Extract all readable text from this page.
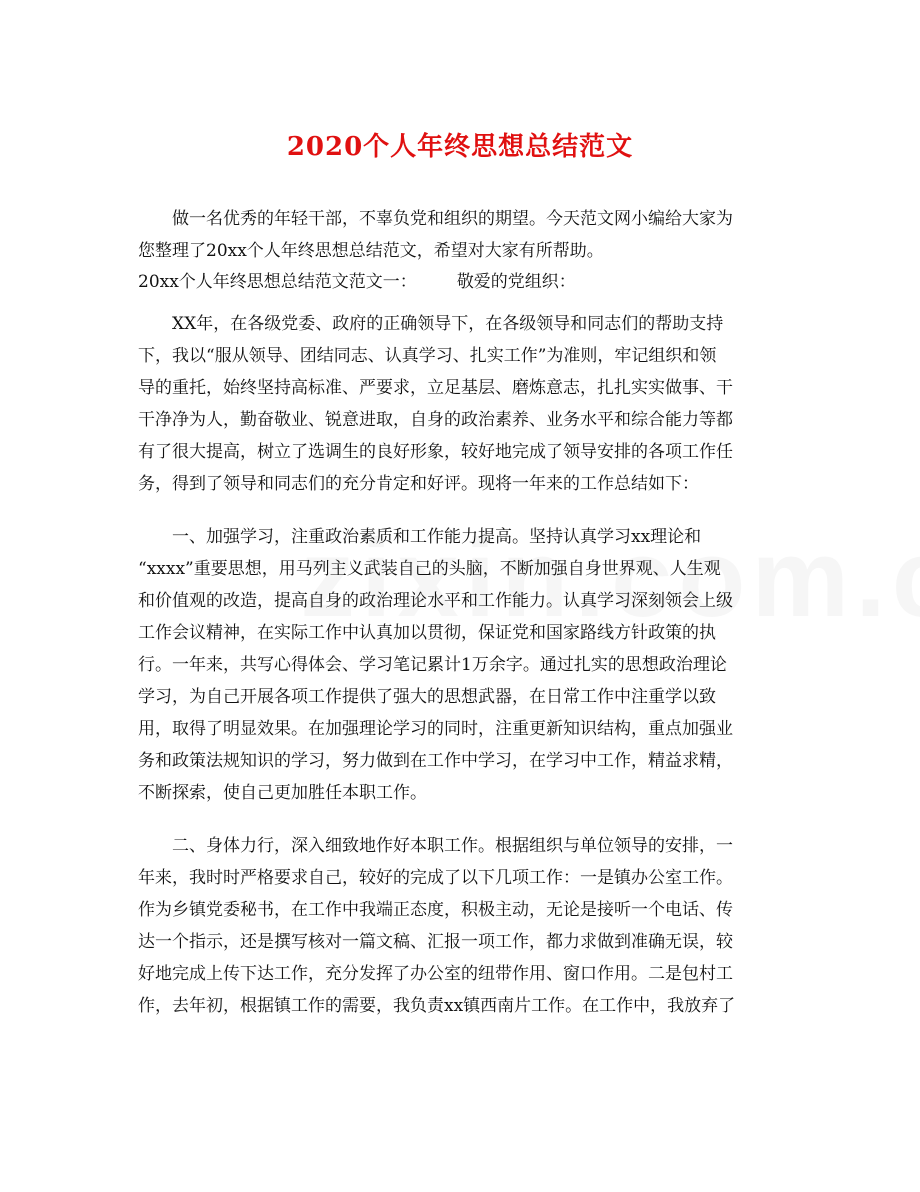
2020个人年终思想总结范文
做一名优秀的年轻干部，不辜负党和组织的期望。今天范文网小编给大家为
您整理了20xx个人年终思想总结范文，希望对大家有所帮助。
20xx个人年终思想总结范文范文一： 敬爱的党组织：
XX年，在各级党委、政府的正确领导下，在各级领导和同志们的帮助支持
下，我以“服从领导、团结同志、认真学习、扎实工作”为准则，牢记组织和领
导的重托，始终坚持高标准、严要求，立足基层、磨炼意志，扎扎实实做事、干
干净净为人，勤奋敬业、锐意进取，自身的政治素养、业务水平和综合能力等都
有了很大提高，树立了选调生的良好形象，较好地完成了领导安排的各项工作任
务，得到了领导和同志们的充分肯定和好评。现将一年来的工作总结如下：
一、加强学习，注重政治素质和工作能力提高。坚持认真学习xx理论和
“xxxx”重要思想，用马列主义武装自己的头脑，不断加强自身世界观、人生观
和价值观的改造，提高自身的政治理论水平和工作能力。认真学习深刻领会上级
工作会议精神，在实际工作中认真加以贯彻，保证党和国家路线方针政策的执
行。一年来，共写心得体会、学习笔记累计1万余字。通过扎实的思想政治理论
学习，为自己开展各项工作提供了强大的思想武器，在日常工作中注重学以致
用，取得了明显效果。在加强理论学习的同时，注重更新知识结构，重点加强业
务和政策法规知识的学习，努力做到在工作中学习，在学习中工作，精益求精，
不断探索，使自己更加胜任本职工作。
二、身体力行，深入细致地作好本职工作。根据组织与单位领导的安排，一
年来，我时时严格要求自己，较好的完成了以下几项工作：一是镇办公室工作。
作为乡镇党委秘书，在工作中我端正态度，积极主动，无论是接听一个电话、传
达一个指示，还是撰写核对一篇文稿、汇报一项工作，都力求做到准确无误，较
好地完成上传下达工作，充分发挥了办公室的纽带作用、窗口作用。二是包村工
作，去年初，根据镇工作的需要，我负责xx镇西南片工作。在工作中，我放弃了
